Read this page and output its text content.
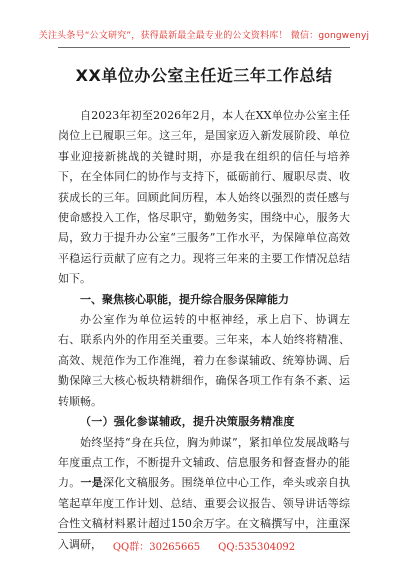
关注头条号“公文研究”，获得最新最全最专业的公文资料库！ 微信：gongwenyj
XX单位办公室主任近三年工作总结

自2023年初至2026年2月，本人在XX单位办公室主任岗位上已履职三年。这三年，是国家迈入新发展阶段、单位事业迎接新挑战的关键时期，亦是我在组织的信任与培养下，在全体同仁的协作与支持下，砥砺前行、履职尽责、收获成长的三年。回顾此间历程，本人始终以强烈的责任感与使命感投入工作，恪尽职守，勤勉务实，围绕中心，服务大局，致力于提升办公室“三服务”工作水平，为保障单位高效平稳运行贡献了应有之力。现将三年来的主要工作情况总结如下。

一、聚焦核心职能，提升综合服务保障能力

办公室作为单位运转的中枢神经，承上启下、协调左右、联系内外的作用至关重要。三年来，本人始终将精准、高效、规范作为工作准绳，着力在参谋辅政、统筹协调、后勤保障三大核心板块精耕细作，确保各项工作有条不紊、运转顺畅。

（一）强化参谋辅政，提升决策服务精准度

始终坚持“身在兵位，胸为帅谋”，紧扣单位发展战略与年度重点工作，不断提升文辅政、信息服务和督查督办的能力。一是深化文稿服务。围绕单位中心工作，牵头或亲自执笔起草年度工作计划、总结、重要会议报告、领导讲话等综合性文稿材料累计超过150余万字。在文稿撰写中，注重深入调研，	QQ群：30265665 QQ:535304092
